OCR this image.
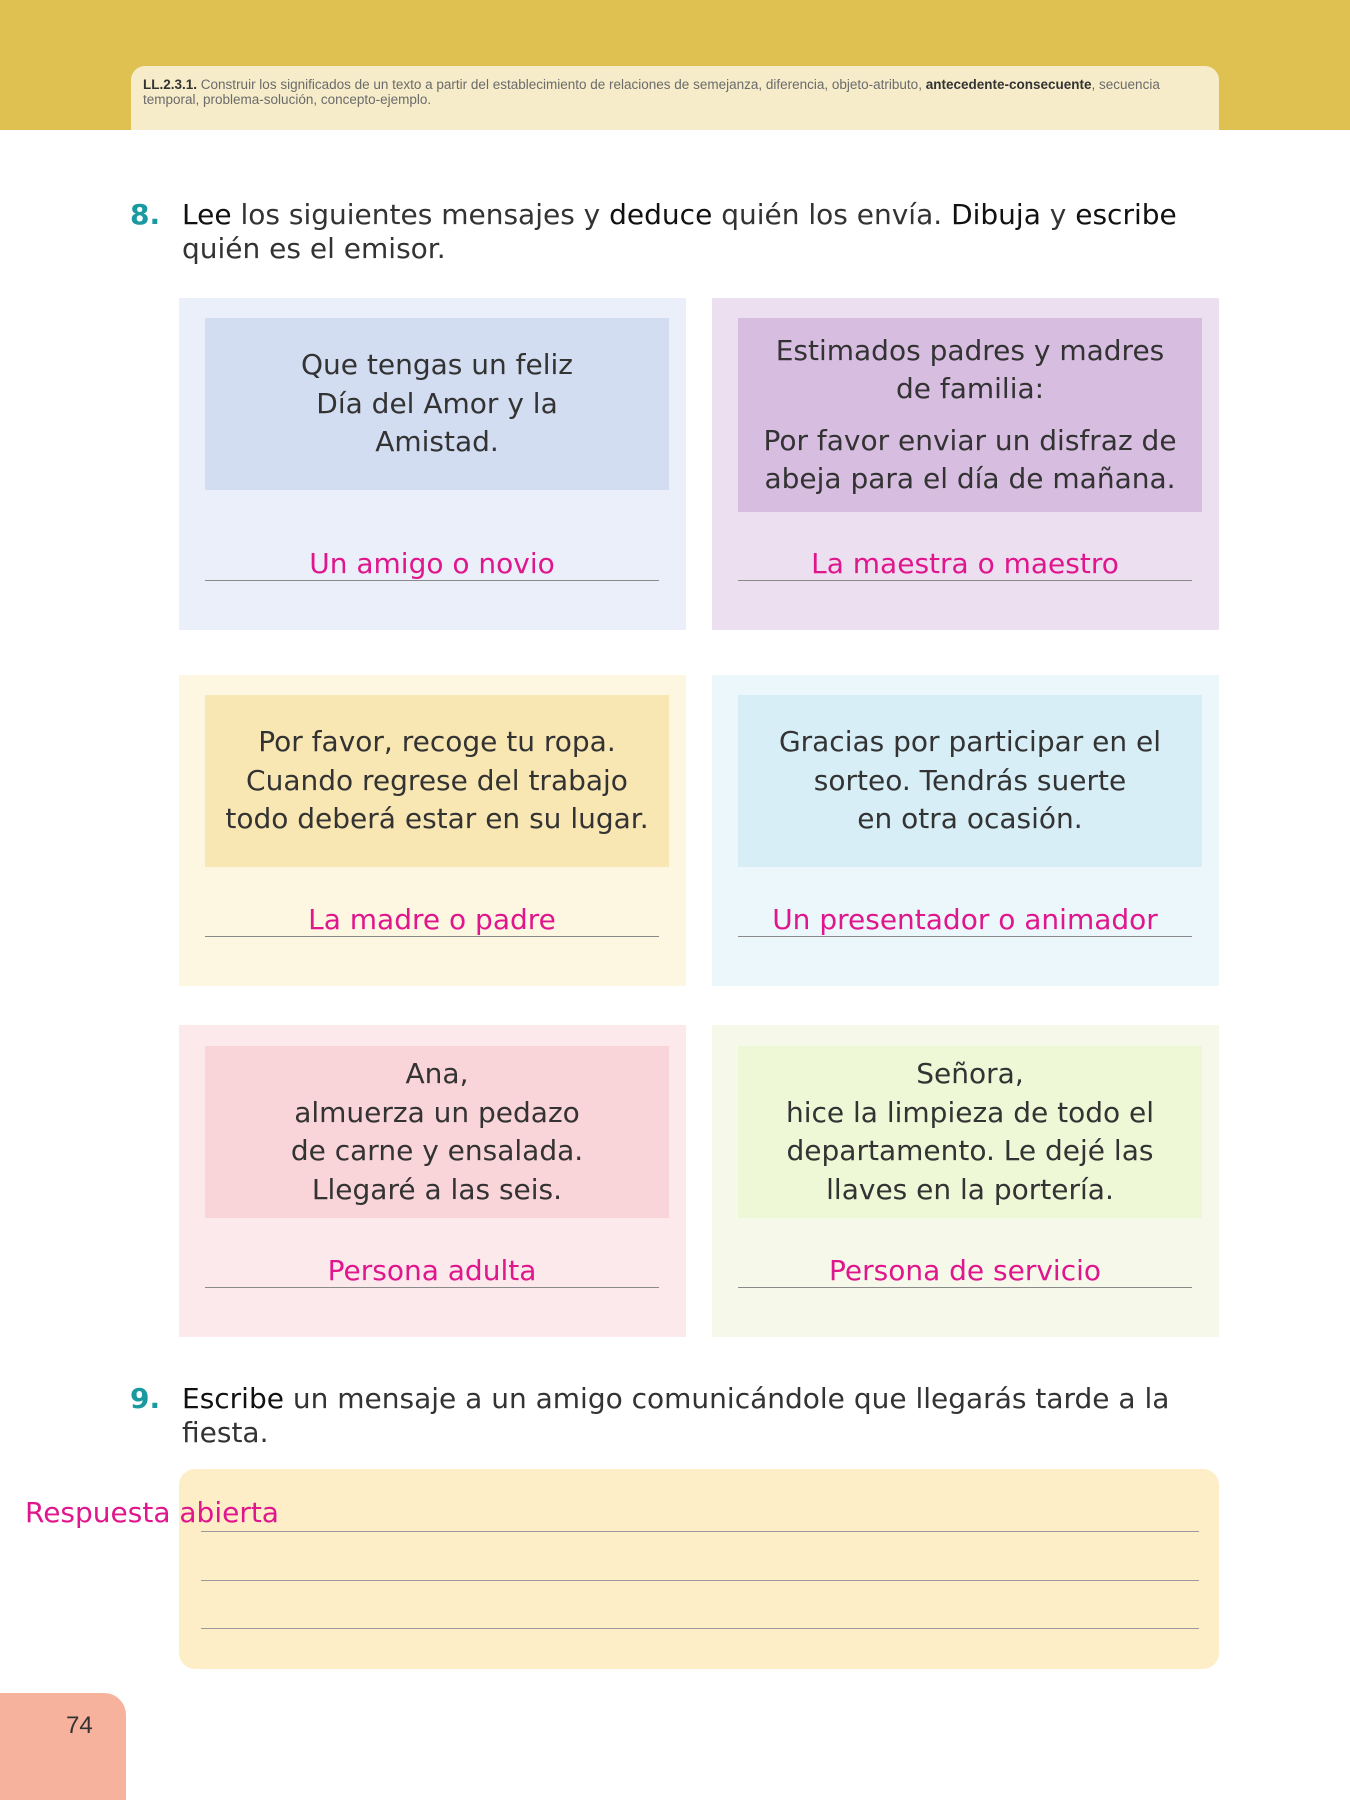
LL.2.3.1. Construir los significados de un texto a partir del establecimiento de relaciones de semejanza, diferencia, objeto-atributo, antecedente-consecuente, secuencia temporal, problema-solución, concepto-ejemplo.
8. Lee los siguientes mensajes y deduce quién los envía. Dibuja y escribe quién es el emisor.
Que tengas un feliz
Día del Amor y la
Amistad.
Un amigo o novio
Estimados padres y madres
de familia:
Por favor enviar un disfraz de
abeja para el día de mañana.
La maestra o maestro
Por favor, recoge tu ropa.
Cuando regrese del trabajo
todo deberá estar en su lugar.
La madre o padre
Gracias por participar en el
sorteo. Tendrás suerte
en otra ocasión.
Un presentador o animador
Ana,
almuerza un pedazo
de carne y ensalada.
Llegaré a las seis.
Persona adulta
Señora,
hice la limpieza de todo el
departamento. Le dejé las
llaves en la portería.
Persona de servicio
9. Escribe un mensaje a un amigo comunicándole que llegarás tarde a la fiesta.
Respuesta abierta
74
